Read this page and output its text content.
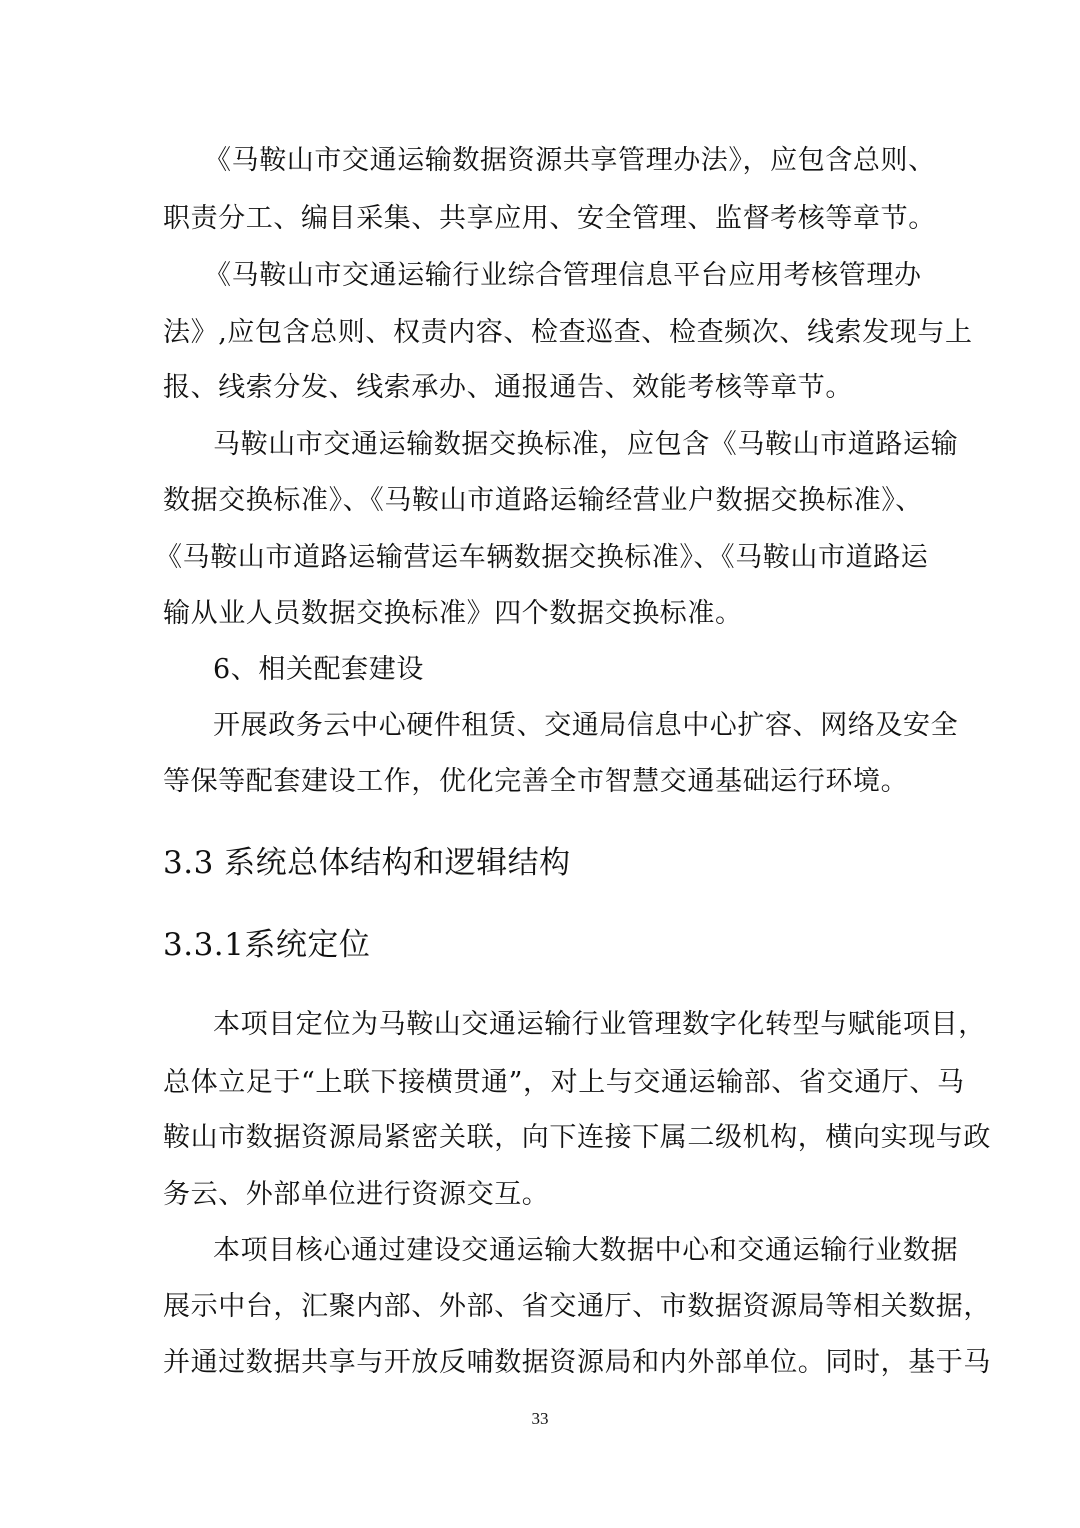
《马鞍山市交通运输数据资源共享管理办法》，应包含总则、
职责分工、编目采集、共享应用、安全管理、监督考核等章节。
《马鞍山市交通运输行业综合管理信息平台应用考核管理办
法》,应包含总则、权责内容、检查巡查、检查频次、线索发现与上
报、线索分发、线索承办、通报通告、效能考核等章节。
马鞍山市交通运输数据交换标准，应包含《马鞍山市道路运输
数据交换标准》、《马鞍山市道路运输经营业户数据交换标准》、
《马鞍山市道路运输营运车辆数据交换标准》、《马鞍山市道路运
输从业人员数据交换标准》四个数据交换标准。
6、相关配套建设
开展政务云中心硬件租赁、交通局信息中心扩容、网络及安全
等保等配套建设工作，优化完善全市智慧交通基础运行环境。
3.3 系统总体结构和逻辑结构
3.3.1系统定位
本项目定位为马鞍山交通运输行业管理数字化转型与赋能项目，
总体立足于“上联下接横贯通”，对上与交通运输部、省交通厅、马
鞍山市数据资源局紧密关联，向下连接下属二级机构，横向实现与政
务云、外部单位进行资源交互。
本项目核心通过建设交通运输大数据中心和交通运输行业数据
展示中台，汇聚内部、外部、省交通厅、市数据资源局等相关数据，
并通过数据共享与开放反哺数据资源局和内外部单位。同时，基于马
33
